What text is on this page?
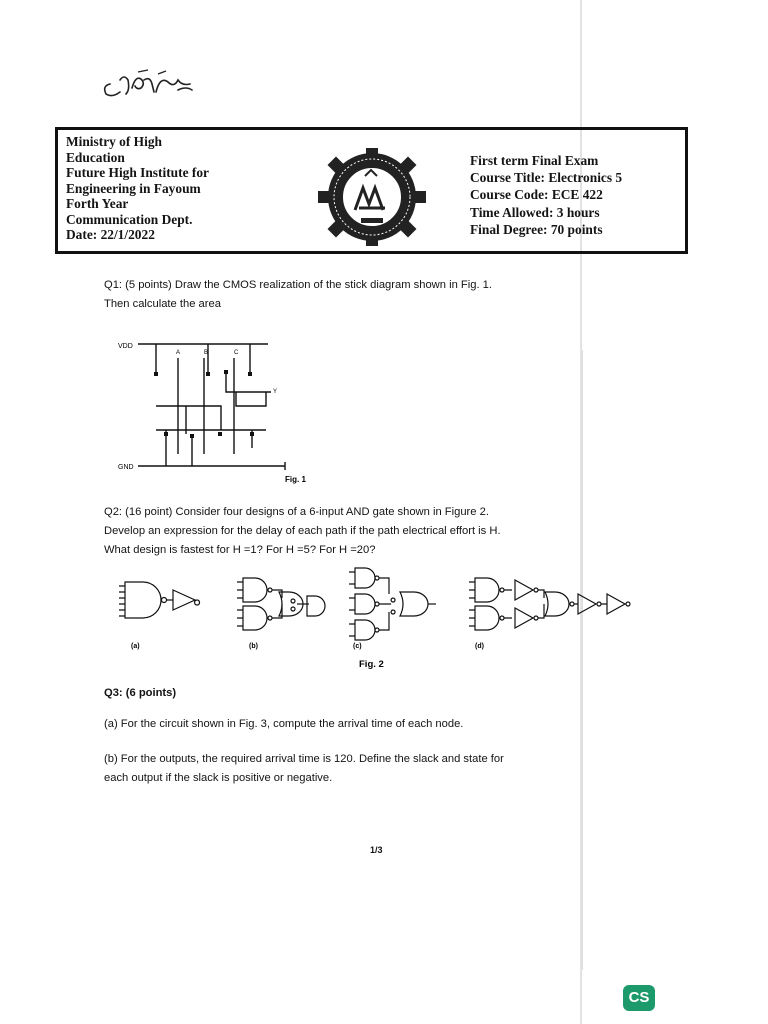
Ministry of High
Education
Future High Institute for
Engineering in Fayoum
Forth Year
Communication Dept.
Date: 22/1/2022
First term Final Exam
Course Title: Electronics 5
Course Code: ECE 422
Time Allowed: 3 hours
Final Degree: 70 points
Q1: (5 points) Draw the CMOS realization of the stick diagram shown in Fig. 1.
Then calculate the area
VDD
GND
A	B	C
Y
Fig. 1
Q2: (16 point) Consider four designs of a 6-input AND gate shown in Figure 2.
Develop an expression for the delay of each path if the path electrical effort is H.
What design is fastest for H =1? For H =5? For H =20?
(a)	(b)	(c)	(d)
Fig. 2
Q3: (6 points)
(a) For the circuit shown in Fig. 3, compute the arrival time of each node.
(b) For the outputs, the required arrival time is 120. Define the slack and state for
each output if the slack is positive or negative.
1/3
CS
